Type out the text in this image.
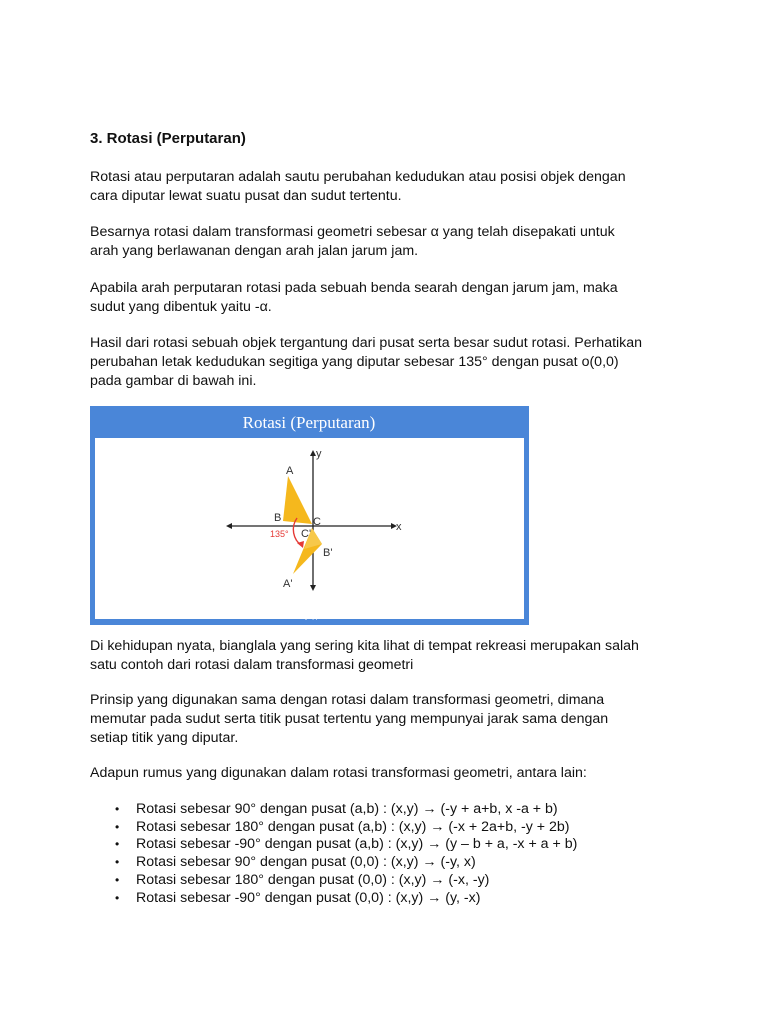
3. Rotasi (Perputaran)
Rotasi atau perputaran adalah sautu perubahan kedudukan atau posisi objek dengan
cara diputar lewat suatu pusat dan sudut tertentu.
Besarnya rotasi dalam transformasi geometri sebesar α yang telah disepakati untuk
arah yang berlawanan dengan arah jalan jarum jam.
Apabila arah perputaran rotasi pada sebuah benda searah dengan jarum jam, maka
sudut yang dibentuk yaitu -α.
Hasil dari rotasi sebuah objek tergantung dari pusat serta besar sudut rotasi. Perhatikan
perubahan letak kedudukan segitiga yang diputar sebesar 135° dengan pusat o(0,0)
pada gambar di bawah ini.
Rotasi (Perputaran)
A
B	C
C'
B'
A'
y
x
135°
Quipper
Di kehidupan nyata, bianglala yang sering kita lihat di tempat rekreasi merupakan salah
satu contoh dari rotasi dalam transformasi geometri
Prinsip yang digunakan sama dengan rotasi dalam transformasi geometri, dimana
memutar pada sudut serta titik pusat tertentu yang mempunyai jarak sama dengan
setiap titik yang diputar.
Adapun rumus yang digunakan dalam rotasi transformasi geometri, antara lain:
• Rotasi sebesar 90° dengan pusat (a,b) : (x,y) → (-y + a+b, x -a + b)
• Rotasi sebesar 180° dengan pusat (a,b) : (x,y) → (-x + 2a+b, -y + 2b)
• Rotasi sebesar -90° dengan pusat (a,b) : (x,y) → (y – b + a, -x + a + b)
• Rotasi sebesar 90° dengan pusat (0,0) : (x,y) → (-y, x)
• Rotasi sebesar 180° dengan pusat (0,0) : (x,y) → (-x, -y)
• Rotasi sebesar -90° dengan pusat (0,0) : (x,y) → (y, -x)
